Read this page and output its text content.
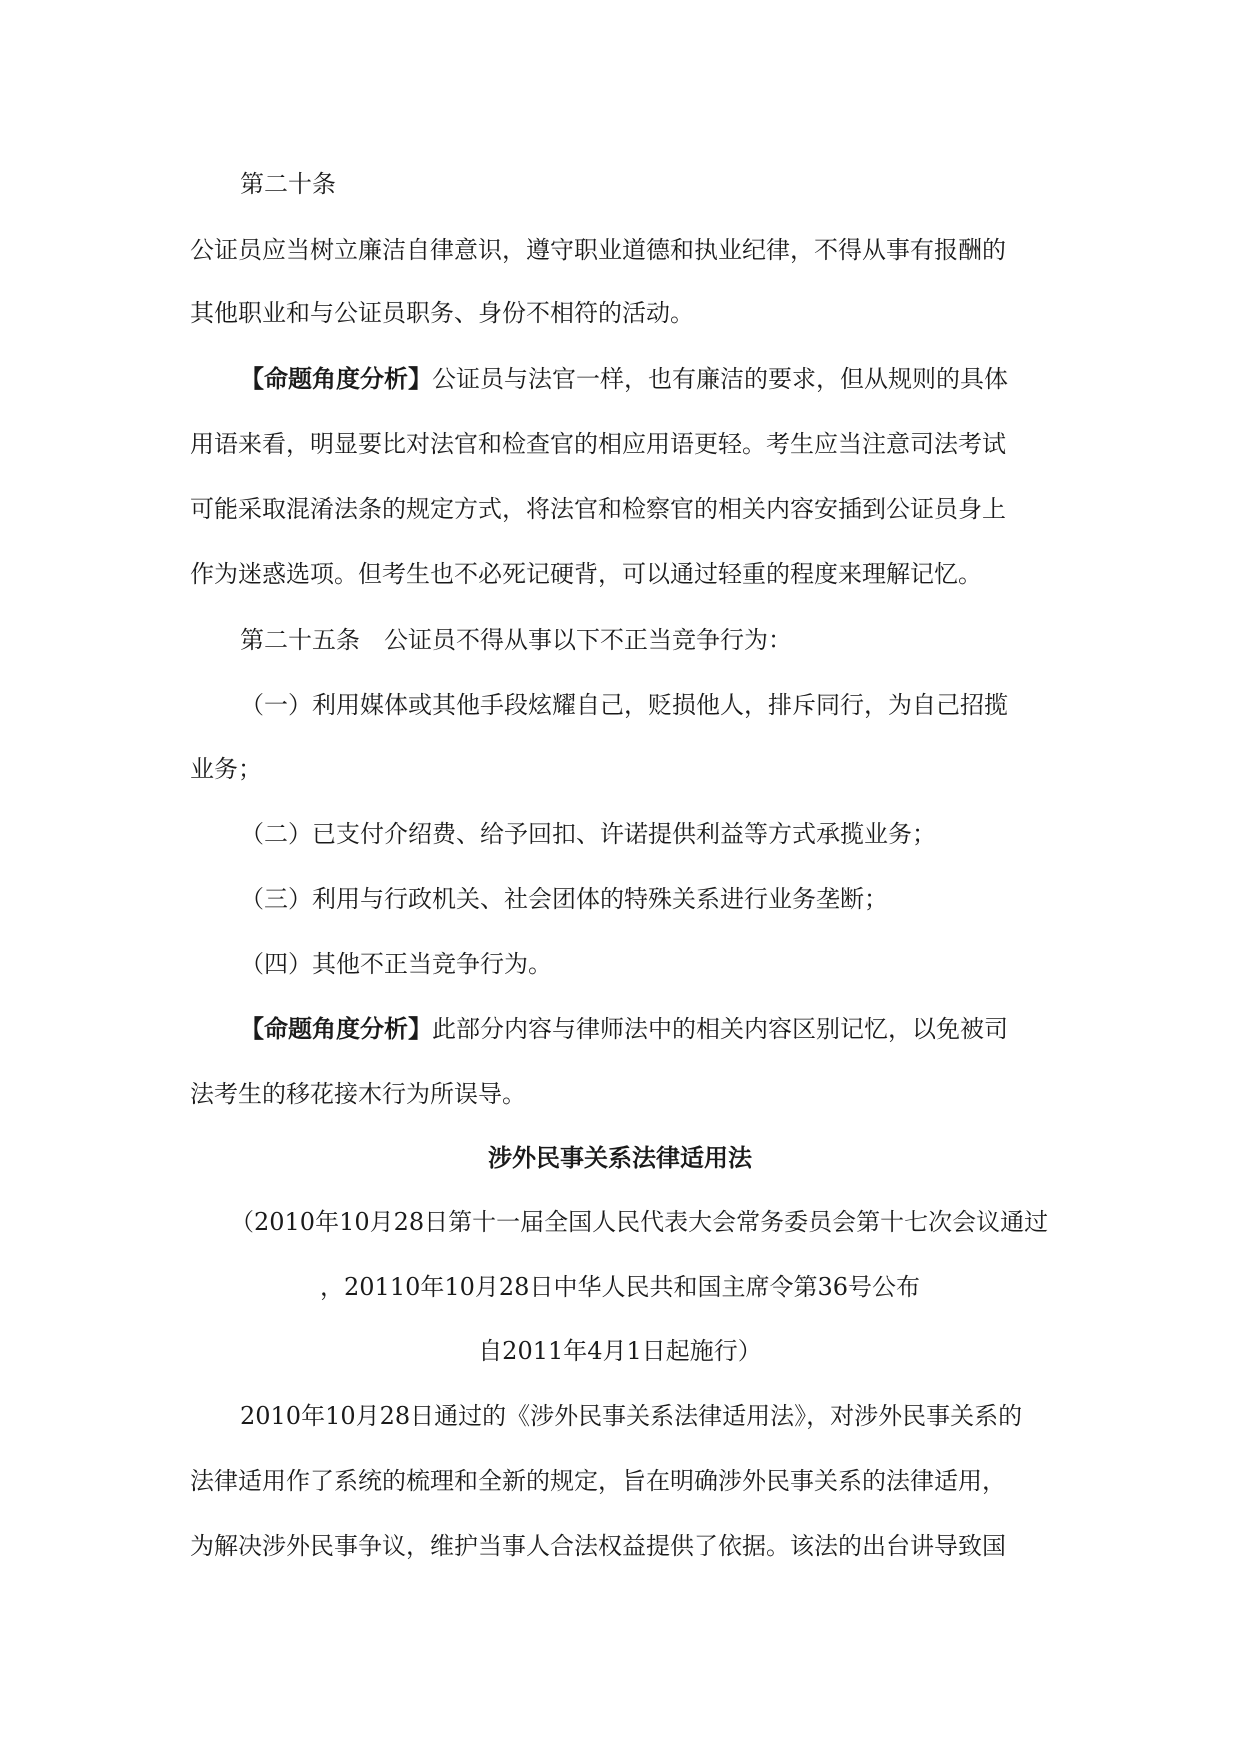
第二十条
公证员应当树立廉洁自律意识，遵守职业道德和执业纪律，不得从事有报酬的
其他职业和与公证员职务、身份不相符的活动。
【命题角度分析】公证员与法官一样，也有廉洁的要求，但从规则的具体
用语来看，明显要比对法官和检查官的相应用语更轻。考生应当注意司法考试
可能采取混淆法条的规定方式，将法官和检察官的相关内容安插到公证员身上
作为迷惑选项。但考生也不必死记硬背，可以通过轻重的程度来理解记忆。
第二十五条　公证员不得从事以下不正当竞争行为：
（一）利用媒体或其他手段炫耀自己，贬损他人，排斥同行，为自己招揽
业务；
（二）已支付介绍费、给予回扣、许诺提供利益等方式承揽业务；
（三）利用与行政机关、社会团体的特殊关系进行业务垄断；
（四）其他不正当竞争行为。
【命题角度分析】此部分内容与律师法中的相关内容区别记忆，以免被司
法考生的移花接木行为所误导。
涉外民事关系法律适用法
（2010年10月28日第十一届全国人民代表大会常务委员会第十七次会议通过
，20110年10月28日中华人民共和国主席令第36号公布
自2011年4月1日起施行）
2010年10月28日通过的《涉外民事关系法律适用法》，对涉外民事关系的
法律适用作了系统的梳理和全新的规定，旨在明确涉外民事关系的法律适用，
为解决涉外民事争议，维护当事人合法权益提供了依据。该法的出台讲导致国
